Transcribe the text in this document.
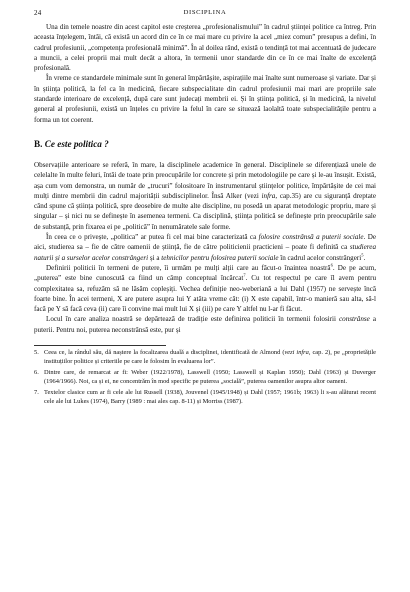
24	DISCIPLINA

Una din temele noastre din acest capitol este creșterea „profesionalismului” în cadrul științei politice ca întreg. Prin aceasta înțelegem, întâi, că există un acord din ce în ce mai mare cu privire la acel „miez comun” presupus a defini, în cadrul profesiunii, „competența profesională minimă”. În al doilea rând, există o tendință tot mai accentuată de judecare a muncii, a celei proprii mai mult decât a altora, în termenii unor standarde din ce în ce mai înalte de excelență profesională.

În vreme ce standardele minimale sunt în general împărtășite, aspirațiile mai înalte sunt numeroase și variate. Dar și în știința politică, la fel ca în medicină, fiecare subspecialitate din cadrul profesiunii mai mari are propriile sale standarde interioare de excelență, după care sunt judecați membrii ei. Și în știința politică, și în medicină, la nivelul general al profesiunii, există un înțeles cu privire la felul în care se situează laolaltă toate subspecialitățile pentru a forma un tot coerent.

B. Ce este politica ?

Observațiile anterioare se referă, în mare, la disciplinele academice în general. Disciplinele se diferențiază unele de celelalte în multe feluri, întâi de toate prin preocupările lor concrete și prin metodologiile pe care și le-au însușit. Există, așa cum vom demonstra, un număr de „trucuri” folositoare în instrumentarul științelor politice, împărtășite de cei mai mulți dintre membrii din cadrul majorității subdisciplinelor. Însă Alker (vezi infra, cap.35) are cu siguranță dreptate când spune că știința politică, spre deosebire de multe alte discipline, nu posedă un aparat metodologic propriu, mare și singular – și nici nu se definește în asemenea termeni. Ca disciplină, știința politică se definește prin preocupările sale de substanță, prin fixarea ei pe „politică” în nenumăratele sale forme.

În ceea ce o privește, „politica” ar putea fi cel mai bine caracterizată ca folosire constrânsă a puterii sociale. De aici, studierea sa – fie de către oamenii de știință, fie de către politicienii practicieni – poate fi definită ca studierea naturii și a surselor acelor constrângeri și a tehnicilor pentru folosirea puterii sociale în cadrul acelor constrângeri$^5$.

Definirii politicii în termeni de putere, îi urmăm pe mulți alții care au făcut-o înaintea noastră$^6$. De pe acum, „puterea” este bine cunoscută ca fiind un câmp conceptual încărcat$^7$. Cu tot respectul pe care îl avem pentru complexitatea sa, refuzăm să ne lăsăm copleșiți. Vechea definiție neo-weberiană a lui Dahl (1957) ne servește încă foarte bine. În acei termeni, X are putere asupra lui Y atâta vreme cât: (i) X este capabil, într-o manieră sau alta, să-l facă pe Y să facă ceva (ii) care îi convine mai mult lui X și (iii) pe care Y altfel nu l-ar fi făcut.

Locul în care analiza noastră se depărtează de tradiție este definirea politicii în termenii folosirii constrânse a puterii. Pentru noi, puterea neconstrânsă este, pur și

5. Ceea ce, la rândul său, dă naștere la focalizarea duală a disciplinei, identificată de Almond (vezi infra, cap. 2), pe „proprietățile instituțiilor politice și criteriile pe care le folosim în evaluarea lor”.

6. Dintre care, de remarcat ar fi: Weber (1922/1978), Lasswell (1950; Lasswell și Kaplan 1950); Dahl (1963) și Duverger (1964/1966). Noi, ca și ei, ne concentrăm în mod specific pe puterea „socială”, puterea oamenilor asupra altor oameni.

7. Textelor clasice cum ar fi cele ale lui Russell (1938), Jouvenel (1945/1948) și Dahl (1957; 1961b; 1963) li s-au alăturat recent cele ale lui Lukes (1974), Barry (1989 : mai ales cap. 8-11) și Morriss (1987).
